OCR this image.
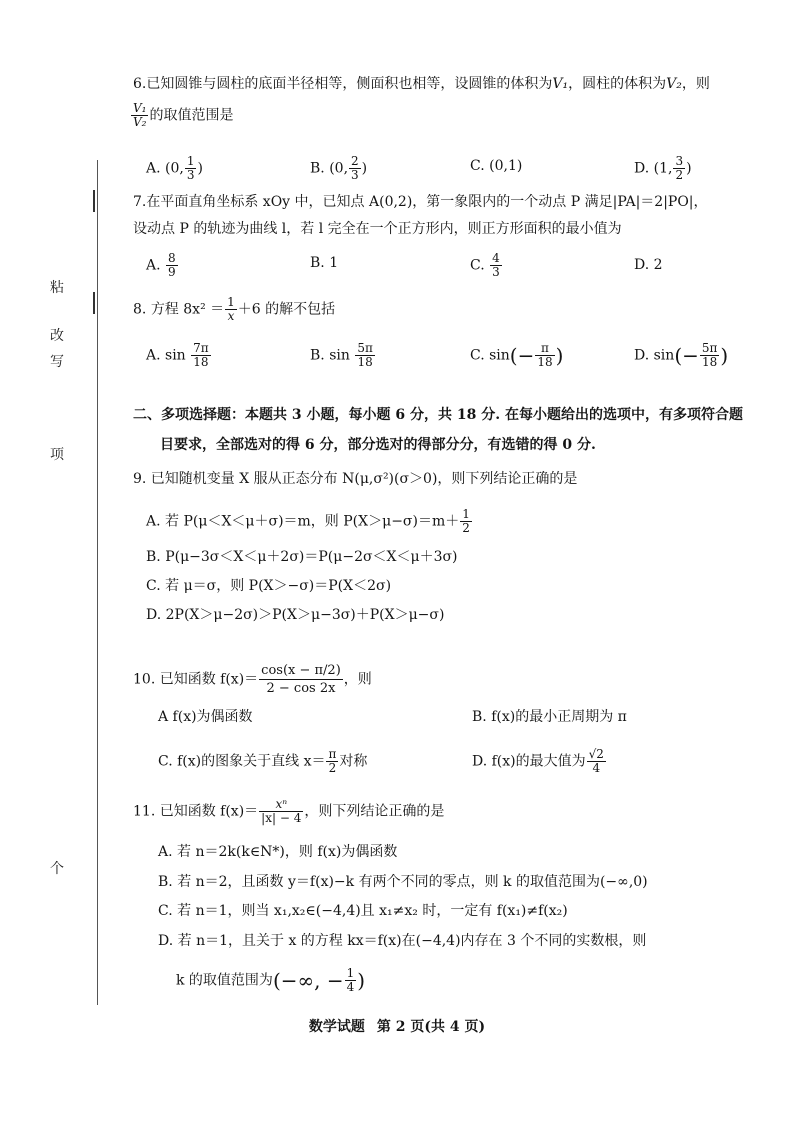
粘
改
写
项
个
6.已知圆锥与圆柱的底面半径相等，侧面积也相等，设圆锥的体积为V₁，圆柱的体积为V₂，则
$\frac{\text{V₁}}{\text{V₂}}$ 的取值范围是
A. (0, $\frac{1}{3}$ )	B. (0, $\frac{2}{3}$ )	C. (0,1)	D. (1, $\frac{3}{2}$ )
7.在平面直角坐标系 xOy 中，已知点 A(0,2)，第一象限内的一个动点 P 满足|PA|＝2|PO|，
设动点 P 的轨迹为曲线 l，若 l 完全在一个正方形内，则正方形面积的最小值为
A. $\frac{8}{9}$	B. 1	C. $\frac{4}{3}$	D. 2
8. 方程 $8x^2 = \frac{1}{x} +6$ 的解不包括
A. $\sin \frac{7\pi}{18}$	B. $\sin \frac{5\pi}{18}$	C. $\sin(- \frac{\pi}{18}$ )	D. $\sin(- \frac{5\pi}{18}$ )
二、多项选择题：本题共 3 小题，每小题 6 分，共 18 分. 在每小题给出的选项中，有多项符合题
目要求，全部选对的得 6 分，部分选对的得部分分，有选错的得 0 分.
9. 已知随机变量 X 服从正态分布 N(μ,σ²)(σ＞0)，则下列结论正确的是
A. 若 P(μ＜X＜μ＋σ)＝m，则 $P(X>\mu-\sigma)=m+ \frac{1}{2}$
B. P(μ−3σ＜X＜μ＋2σ)＝P(μ−2σ＜X＜μ＋3σ)
C. 若 μ＝σ，则 P(X＞−σ)＝P(X＜2σ)
D. 2P(X＞μ−2σ)＞P(X＞μ−3σ)＋P(X＞μ−σ)
10. 已知函数 $f(x)= \frac{\cos(x - \pi/2)}{2 - \cos 2x}$ ，则
A f(x)为偶函数	B. f(x)的最小正周期为 π
C. f(x)的图象关于直线 $x= \frac{\pi}{2}$ 对称	D. f(x)的最大值为 $\frac{√2}{4}$
11. 已知函数 $f(x)= \frac{\text{xⁿ}}{|x| - 4}$ ，则下列结论正确的是
A. 若 n＝2k(k∈N*)，则 f(x)为偶函数
B. 若 n＝2，且函数 y＝f(x)−k 有两个不同的零点，则 k 的取值范围为(−∞,0)
C. 若 n＝1，则当 x₁,x₂∈(−4,4)且 x₁≠x₂ 时，一定有 f(x₁)≠f(x₂)
D. 若 n＝1，且关于 x 的方程 kx＝f(x)在(−4,4)内存在 3 个不同的实数根，则
k 的取值范围为(−∞, − $\frac{1}{4}$ )
数学试题 第 2 页(共 4 页)
